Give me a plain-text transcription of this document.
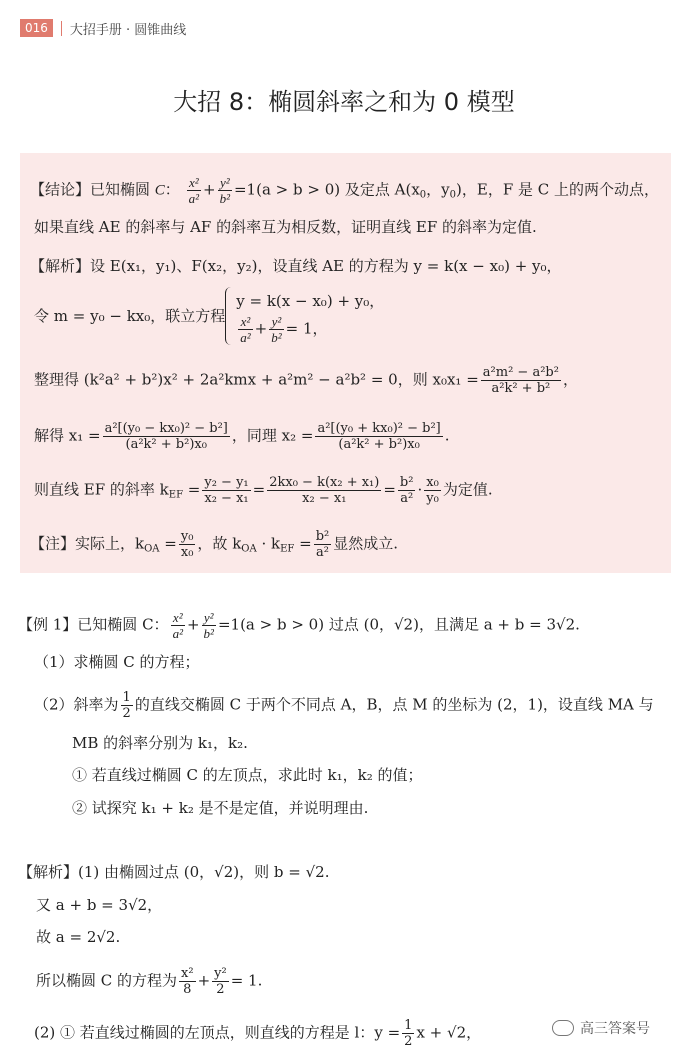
016	大招手册 · 圆锥曲线
大招 8：椭圆斜率之和为 0 模型
【结论】已知椭圆 C： $\frac{\text{x²}}{\text{a²}} + \frac{\text{y²}}{\text{b²}} =1(a > b > 0)$ 及定点 $A(x_0$，$y_0$)，E，F 是 C 上的两个动点，
如果直线 AE 的斜率与 AF 的斜率互为相反数，证明直线 EF 的斜率为定值.
【解析】设 E(x₁，y₁)、F(x₂，y₂)，设直线 AE 的方程为 y = k(x − x₀) + y₀，
令 m = y₀ − kx₀，联立方程
y = k(x − x₀) + y₀，
$\frac{\text{x²}}{\text{a²}} + \frac{\text{y²}}{\text{b²}} = 1$，
整理得 (k²a² + b²)x² + 2a²kmx + a²m² − a²b² = 0，则 $x_0x_1 = \frac{\text{a²m² − a²b²}}{\text{a²k² + b²}}$ ，
解得 $x_1 = \frac{\text{a²[(y₀ − kx₀)² − b²]}}{\text{(a²k² + b²)x₀}}$ ，同理 $x_2 = \frac{\text{a²[(y₀ + kx₀)² − b²]}}{\text{(a²k² + b²)x₀}}$ .
则直线 EF 的斜率 $k_{EF} = \frac{\text{y₂ − y₁}}{\text{x₂ − x₁}} = \frac{\text{2kx₀ − k(x₂ + x₁)}}{\text{x₂ − x₁}} = \frac{\text{b²}}{\text{a²}} \cdot \frac{\text{x₀}}{\text{y₀}}$ 为定值.
【注】实际上，$k_{OA} = \frac{\text{y₀}}{\text{x₀}}$ ，故 $k_{OA} \cdot k_{EF} = \frac{\text{b²}}{\text{a²}}$ 显然成立.
【例 1】已知椭圆 C： $\frac{\text{x²}}{\text{a²}} + \frac{\text{y²}}{\text{b²}} =1(a > b > 0)$ 过点 (0，√2)，且满足 a + b = 3√2.
（1）求椭圆 C 的方程；
（2）斜率为 $\frac{1}{2}$ 的直线交椭圆 C 于两个不同点 A，B，点 M 的坐标为 (2，1)，设直线 MA 与
MB 的斜率分别为 k₁，k₂.
① 若直线过椭圆 C 的左顶点，求此时 k₁，k₂ 的值；
② 试探究 k₁ + k₂ 是不是定值，并说明理由.
【解析】(1) 由椭圆过点 (0，√2)，则 b = √2.
又 a + b = 3√2，
故 a = 2√2.
所以椭圆 C 的方程为 $\frac{\text{x²}}{8} + \frac{\text{y²}}{2} = 1$.
(2) ① 若直线过椭圆的左顶点，则直线的方程是 l：$y = \frac{1}{2}$ x + √2，	高三答案号
